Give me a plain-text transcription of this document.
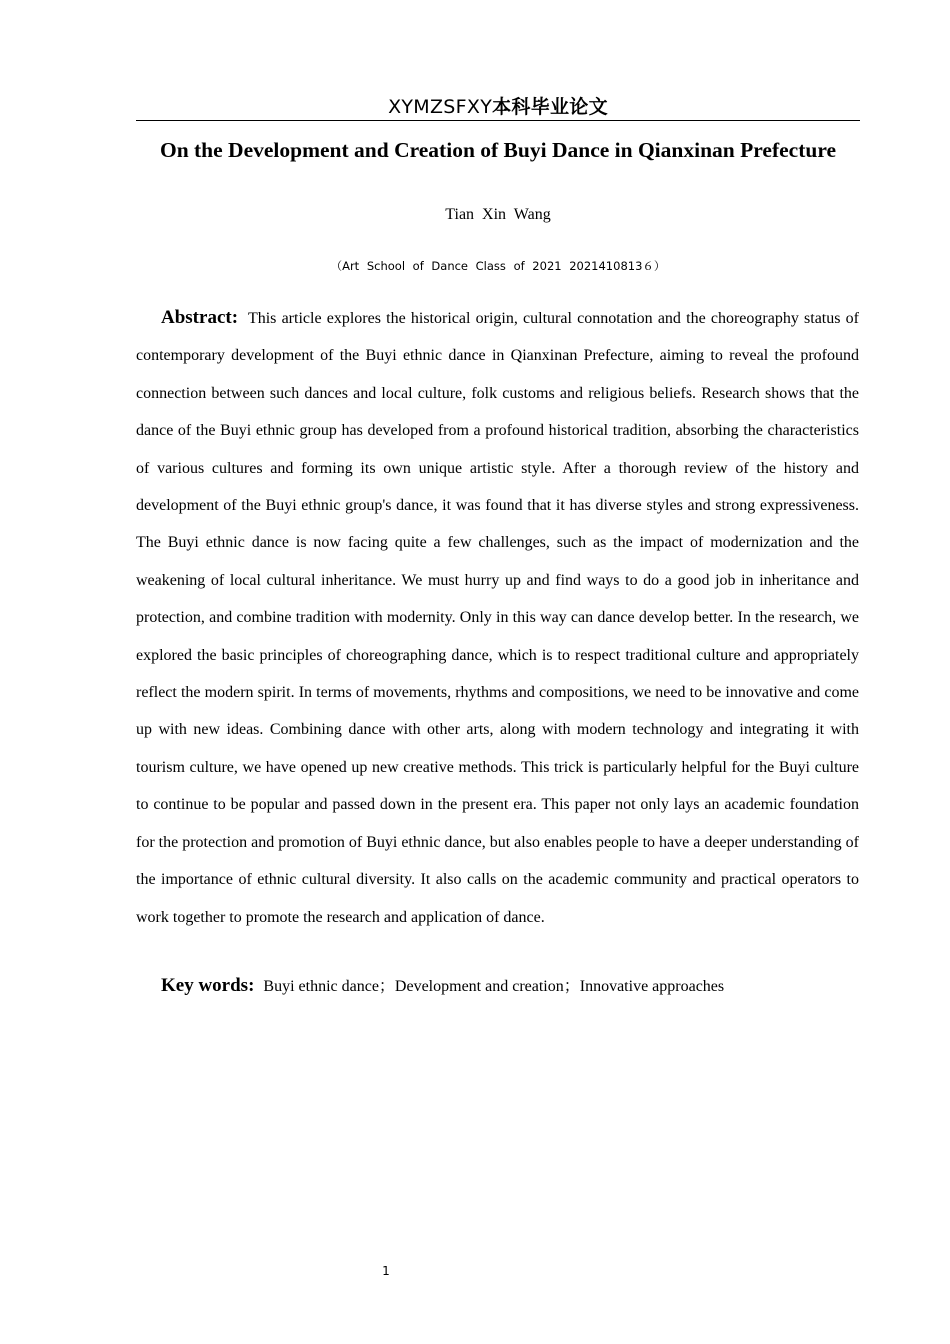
XYMZSFXY本科毕业论文
On the Development and Creation of Buyi Dance in Qianxinan Prefecture
Tian Xin Wang
（Art School of Dance Class of 2021 2021410813６）

Abstract: This article explores the historical origin, cultural connotation and the choreography status of contemporary development of the Buyi ethnic dance in Qianxinan Prefecture, aiming to reveal the profound connection between such dances and local culture, folk customs and religious beliefs. Research shows that the dance of the Buyi ethnic group has developed from a profound historical tradition, absorbing the characteristics of various cultures and forming its own unique artistic style. After a thorough review of the history and development of the Buyi ethnic group's dance, it was found that it has diverse styles and strong expressiveness. The Buyi ethnic dance is now facing quite a few challenges, such as the impact of modernization and the weakening of local cultural inheritance. We must hurry up and find ways to do a good job in inheritance and protection, and combine tradition with modernity. Only in this way can dance develop better. In the research, we explored the basic principles of choreographing dance, which is to respect traditional culture and appropriately reflect the modern spirit. In terms of movements, rhythms and compositions, we need to be innovative and come up with new ideas. Combining dance with other arts, along with modern technology and integrating it with tourism culture, we have opened up new creative methods. This trick is particularly helpful for the Buyi culture to continue to be popular and passed down in the present era. This paper not only lays an academic foundation for the protection and promotion of Buyi ethnic dance, but also enables people to have a deeper understanding of the importance of ethnic cultural diversity. It also calls on the academic community and practical operators to work together to promote the research and application of dance.

Key words: Buyi ethnic dance；Development and creation；Innovative approaches

1
